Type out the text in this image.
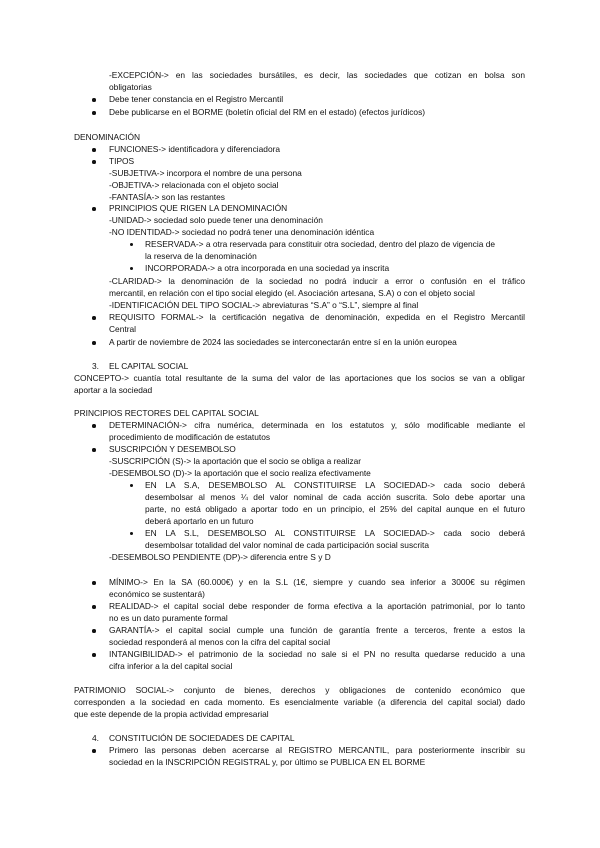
-EXCEPCIÓN-> en las sociedades bursátiles, es decir, las sociedades que cotizan en bolsa son
obligatorias
Debe tener constancia en el Registro Mercantil
Debe publicarse en el BORME (boletín oficial del RM en el estado) (efectos jurídicos)
DENOMINACIÓN
FUNCIONES-> identificadora y diferenciadora
TIPOS
-SUBJETIVA-> incorpora el nombre de una persona
-OBJETIVA-> relacionada con el objeto social
-FANTASÍA-> son las restantes
PRINCIPIOS QUE RIGEN LA DENOMINACIÓN
-UNIDAD-> sociedad solo puede tener una denominación
-NO IDENTIDAD-> sociedad no podrá tener una denominación idéntica
RESERVADA-> a otra reservada para constituir otra sociedad, dentro del plazo de vigencia de
la reserva de la denominación
INCORPORADA-> a otra incorporada en una sociedad ya inscrita
-CLARIDAD-> la denominación de la sociedad no podrá inducir a error o confusión en el tráfico
mercantil, en relación con el tipo social elegido (el. Asociación artesana, S.A) o con el objeto social
-IDENTIFICACIÓN DEL TIPO SOCIAL-> abreviaturas “S.A” o “S.L”, siempre al final
REQUISITO FORMAL-> la certificación negativa de denominación, expedida en el Registro Mercantil
Central
A partir de noviembre de 2024 las sociedades se interconectarán entre sí en la unión europea
3. EL CAPITAL SOCIAL
CONCEPTO-> cuantía total resultante de la suma del valor de las aportaciones que los socios se van a obligar
aportar a la sociedad
PRINCIPIOS RECTORES DEL CAPITAL SOCIAL
DETERMINACIÓN-> cifra numérica, determinada en los estatutos y, sólo modificable mediante el
procedimiento de modificación de estatutos
SUSCRIPCIÓN Y DESEMBOLSO
-SUSCRIPCIÓN (S)-> la aportación que el socio se obliga a realizar
-DESEMBOLSO (D)-> la aportación que el socio realiza efectivamente
EN LA S.A, DESEMBOLSO AL CONSTITUIRSE LA SOCIEDAD-> cada socio deberá
desembolsar al menos ¼ del valor nominal de cada acción suscrita. Solo debe aportar una
parte, no está obligado a aportar todo en un principio, el 25% del capital aunque en el futuro
deberá aportarlo en un futuro
EN LA S.L, DESEMBOLSO AL CONSTITUIRSE LA SOCIEDAD-> cada socio deberá
desembolsar totalidad del valor nominal de cada participación social suscrita
-DESEMBOLSO PENDIENTE (DP)-> diferencia entre S y D
MÍNIMO-> En la SA (60.000€) y en la S.L (1€, siempre y cuando sea inferior a 3000€ su régimen
económico se sustentará)
REALIDAD-> el capital social debe responder de forma efectiva a la aportación patrimonial, por lo tanto
no es un dato puramente formal
GARANTÍA-> el capital social cumple una función de garantía frente a terceros, frente a estos la
sociedad responderá al menos con la cifra del capital social
INTANGIBILIDAD-> el patrimonio de la sociedad no sale si el PN no resulta quedarse reducido a una
cifra inferior a la del capital social
PATRIMONIO SOCIAL-> conjunto de bienes, derechos y obligaciones de contenido económico que
corresponden a la sociedad en cada momento. Es esencialmente variable (a diferencia del capital social) dado
que este depende de la propia actividad empresarial
4. CONSTITUCIÓN DE SOCIEDADES DE CAPITAL
Primero las personas deben acercarse al REGISTRO MERCANTIL, para posteriormente inscribir su
sociedad en la INSCRIPCIÓN REGISTRAL y, por último se PUBLICA EN EL BORME
